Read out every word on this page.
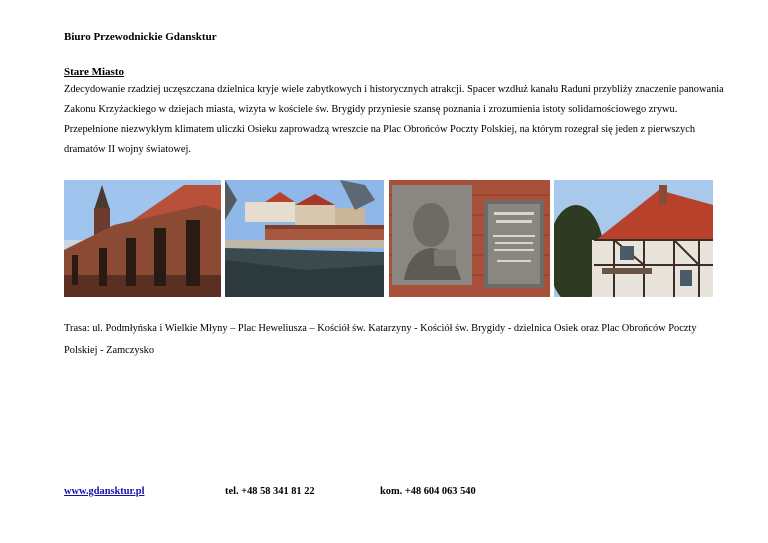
Biuro Przewodnickie Gdansktur
Stare Miasto
Zdecydowanie rzadziej uczęszczana dzielnica kryje wiele zabytkowych i historycznych atrakcji. Spacer wzdłuż kanału Raduni przybliży znaczenie panowania Zakonu Krzyżackiego w dziejach miasta, wizyta w kościele św. Brygidy przyniesie szansę poznania i zrozumienia istoty solidarnościowego zrywu. Przepełnione niezwykłym klimatem uliczki Osieku zaprowadzą wreszcie na Plac Obrońców Poczty Polskiej, na którym rozegrał się jeden z pierwszych dramatów II wojny światowej.
Trasa: ul. Podmłyńska i Wielkie Młyny – Plac Heweliusza – Kościół św. Katarzyny - Kościół św. Brygidy - dzielnica Osiek oraz Plac Obrońców Poczty Polskiej - Zamczysko
www.gdansktur.pl	tel. +48 58 341 81 22	kom. +48 604 063 540
